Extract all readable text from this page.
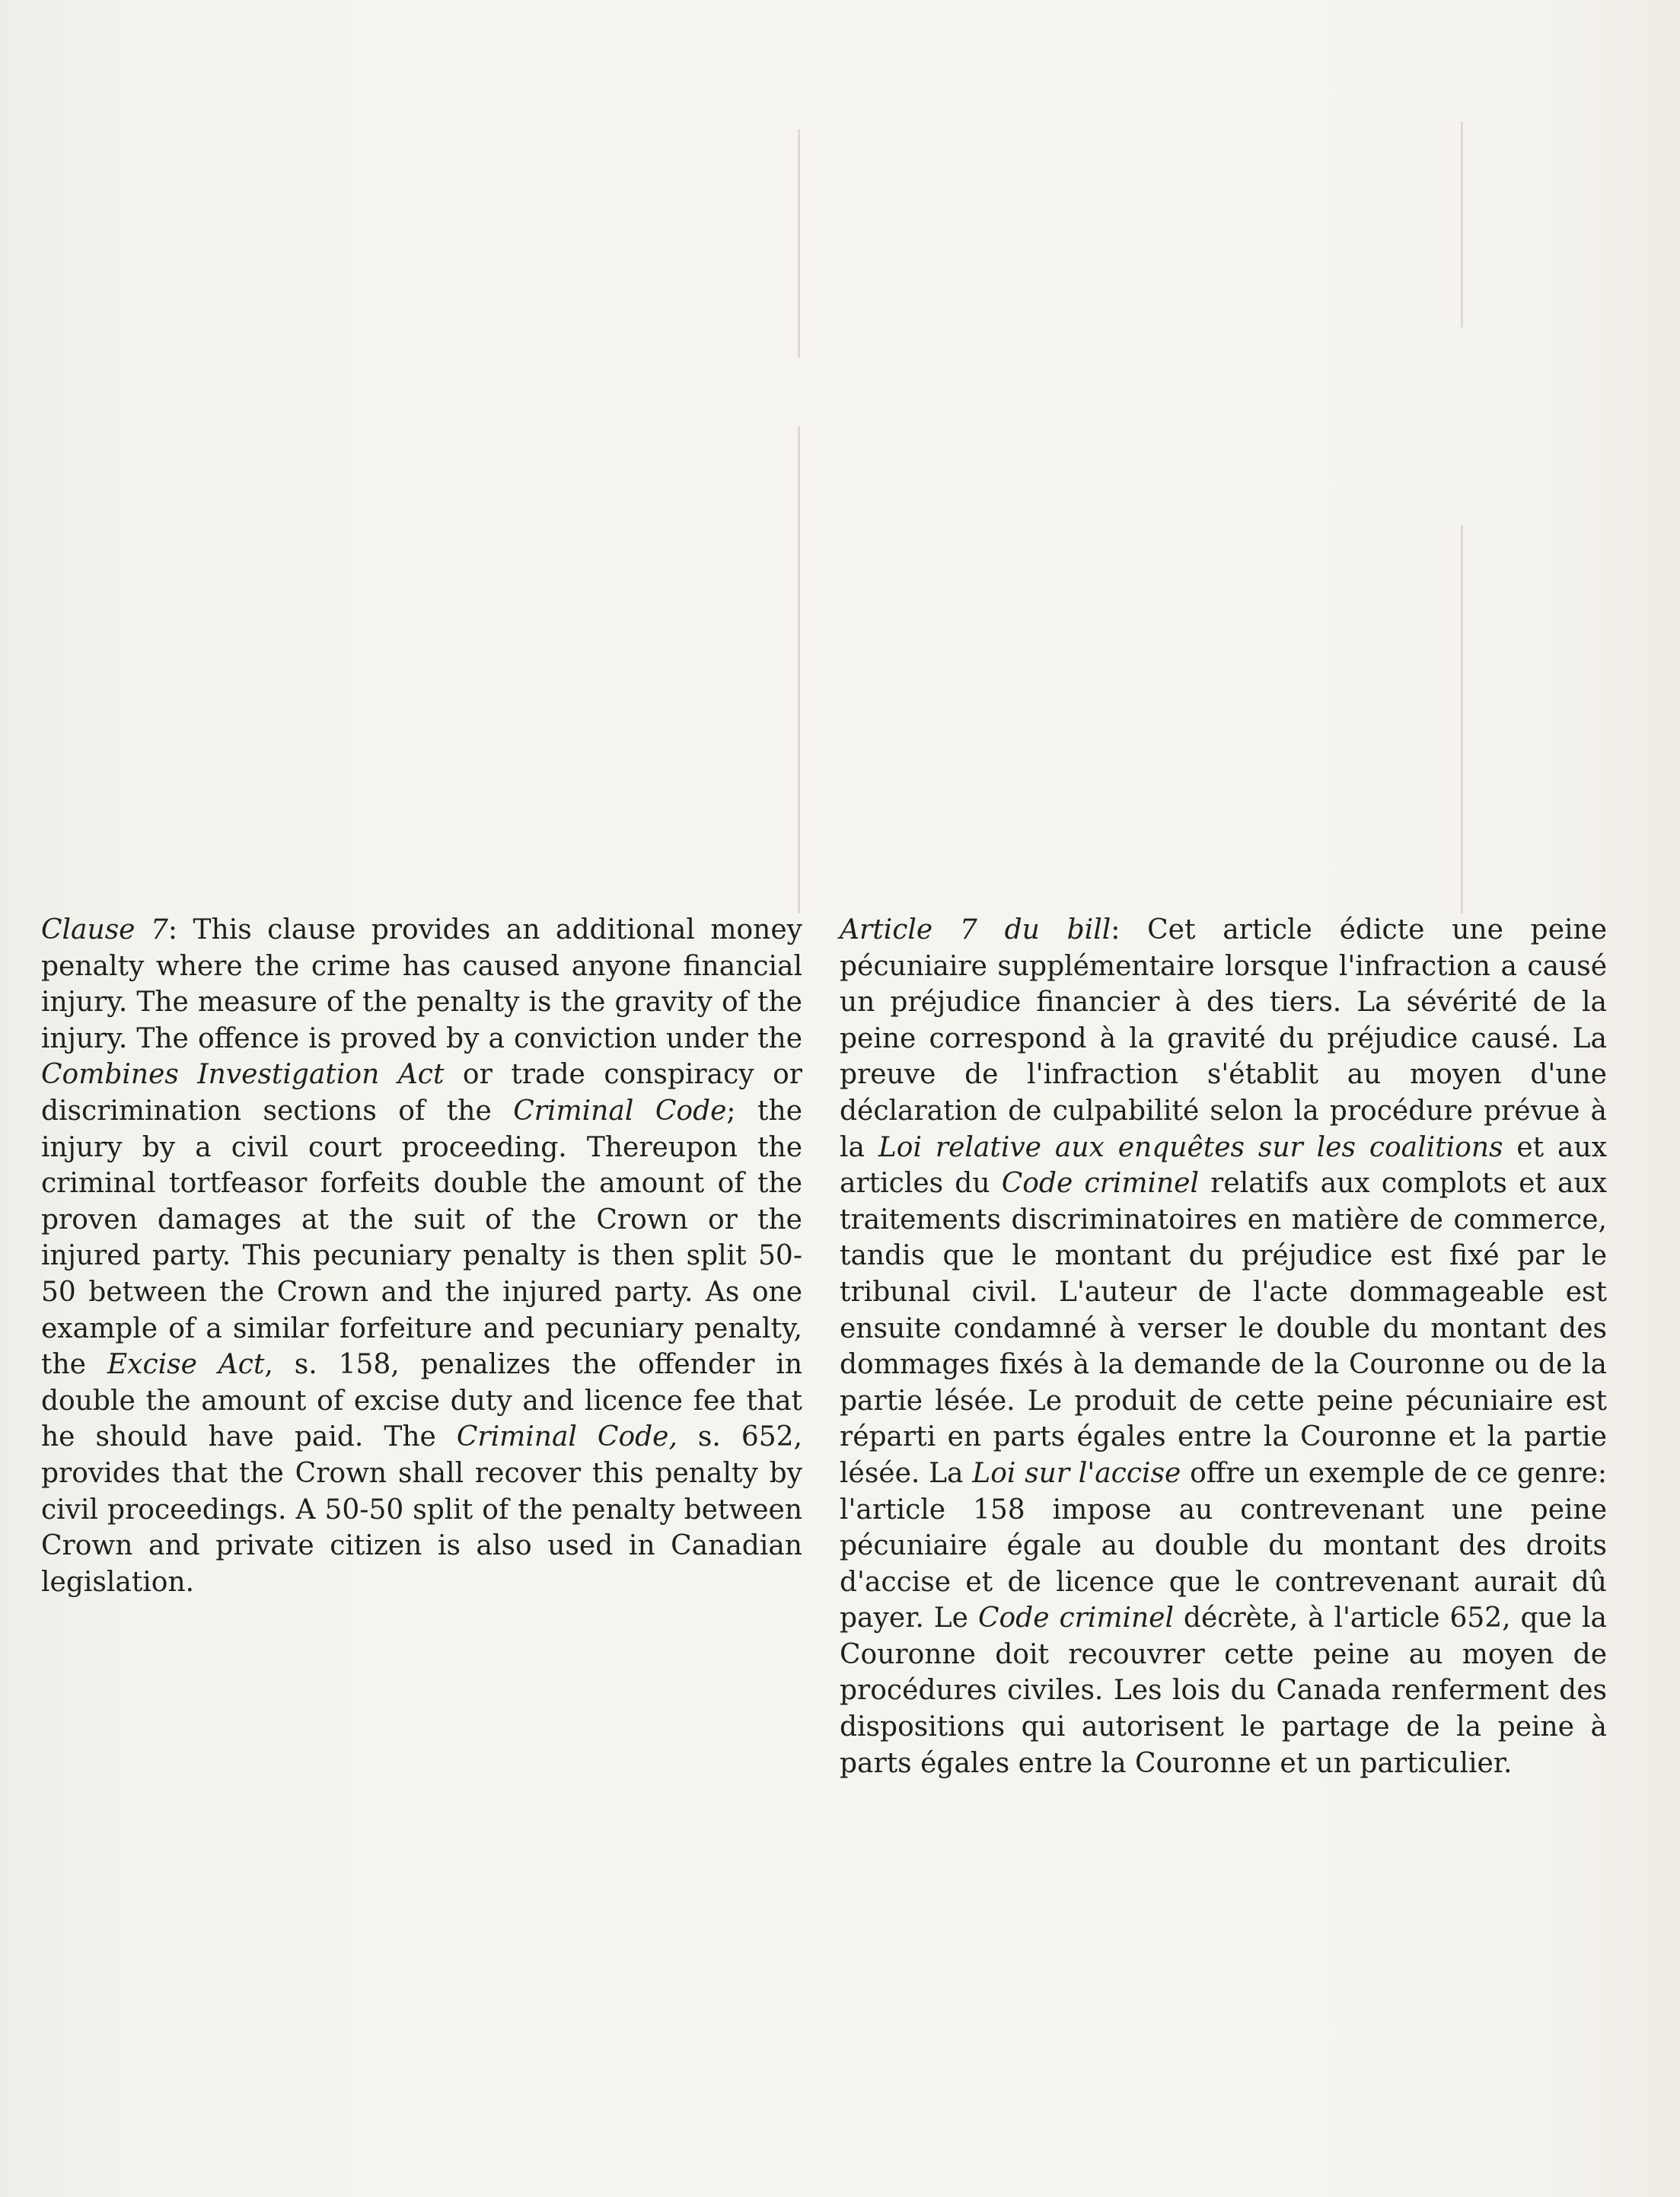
Clause 7: This clause provides an additional money penalty where the crime has caused anyone financial injury. The measure of the penalty is the gravity of the injury. The offence is proved by a conviction under the Combines Investigation Act or trade conspiracy or discrimination sections of the Criminal Code; the injury by a civil court proceeding. Thereupon the criminal tortfeasor forfeits double the amount of the proven damages at the suit of the Crown or the injured party. This pecuniary penalty is then split 50-50 between the Crown and the injured party. As one example of a similar forfeiture and pecuniary penalty, the Excise Act, s. 158, penalizes the offender in double the amount of excise duty and licence fee that he should have paid. The Criminal Code, s. 652, provides that the Crown shall recover this penalty by civil proceedings. A 50-50 split of the penalty between Crown and private citizen is also used in Canadian legislation.

Article 7 du bill: Cet article édicte une peine pécuniaire supplémentaire lorsque l'infraction a causé un préjudice financier à des tiers. La sévérité de la peine correspond à la gravité du préjudice causé. La preuve de l'infraction s'établit au moyen d'une déclaration de culpabilité selon la procédure prévue à la Loi relative aux enquêtes sur les coalitions et aux articles du Code criminel relatifs aux complots et aux traitements discriminatoires en matière de commerce, tandis que le montant du préjudice est fixé par le tribunal civil. L'auteur de l'acte dommageable est ensuite condamné à verser le double du montant des dommages fixés à la demande de la Couronne ou de la partie lésée. Le produit de cette peine pécuniaire est réparti en parts égales entre la Couronne et la partie lésée. La Loi sur l'accise offre un exemple de ce genre: l'article 158 impose au contrevenant une peine pécuniaire égale au double du montant des droits d'accise et de licence que le contrevenant aurait dû payer. Le Code criminel décrète, à l'article 652, que la Couronne doit recouvrer cette peine au moyen de procédures civiles. Les lois du Canada renferment des dispositions qui autorisent le partage de la peine à parts égales entre la Couronne et un particulier.
